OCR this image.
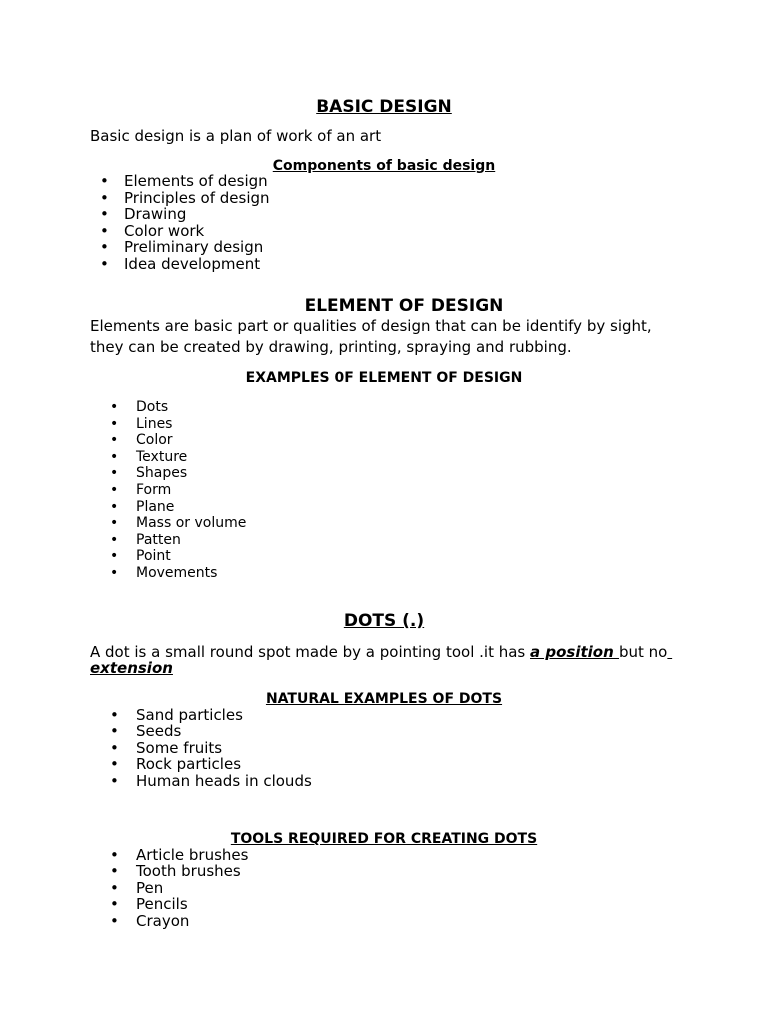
BASIC DESIGN
Basic design is a plan of work of an art
Components of basic design
• Elements of design
• Principles of design
• Drawing
• Color work
• Preliminary design
• Idea development
ELEMENT OF DESIGN
Elements are basic part or qualities of design that can be identify by sight,
they can be created by drawing, printing, spraying and rubbing.
EXAMPLES 0F ELEMENT OF DESIGN
• Dots
• Lines
• Color
• Texture
• Shapes
• Form
• Plane
• Mass or volume
• Patten
• Point
• Movements
DOTS (.)
A dot is a small round spot made by a pointing tool .it has a position but no
extension
NATURAL EXAMPLES OF DOTS
• Sand particles
• Seeds
• Some fruits
• Rock particles
• Human heads in clouds
TOOLS REQUIRED FOR CREATING DOTS
• Article brushes
• Tooth brushes
• Pen
• Pencils
• Crayon
